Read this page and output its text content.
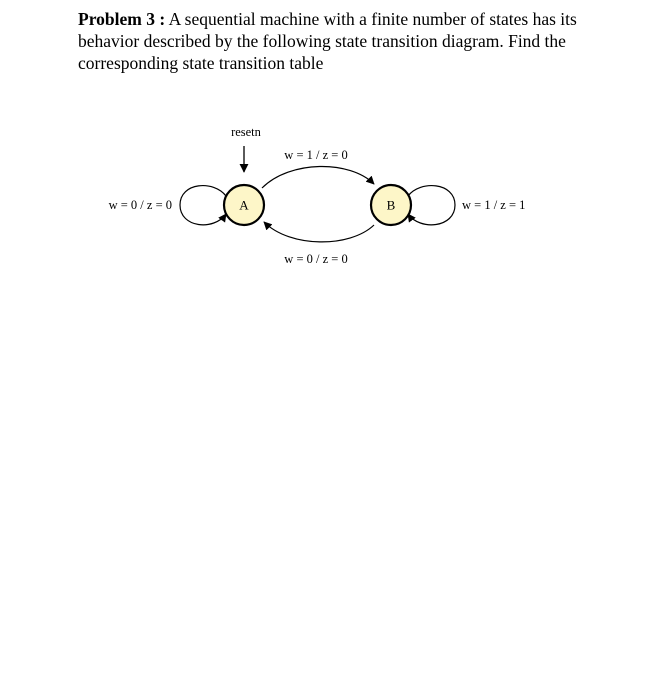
Problem 3 : A sequential machine with a finite number of states has its behavior described by the following state transition diagram. Find the corresponding state transition table
resetn
w = 1 / z = 0
w = 0 / z = 0
w = 0 / z = 0	w = 1 / z = 1
A	B
